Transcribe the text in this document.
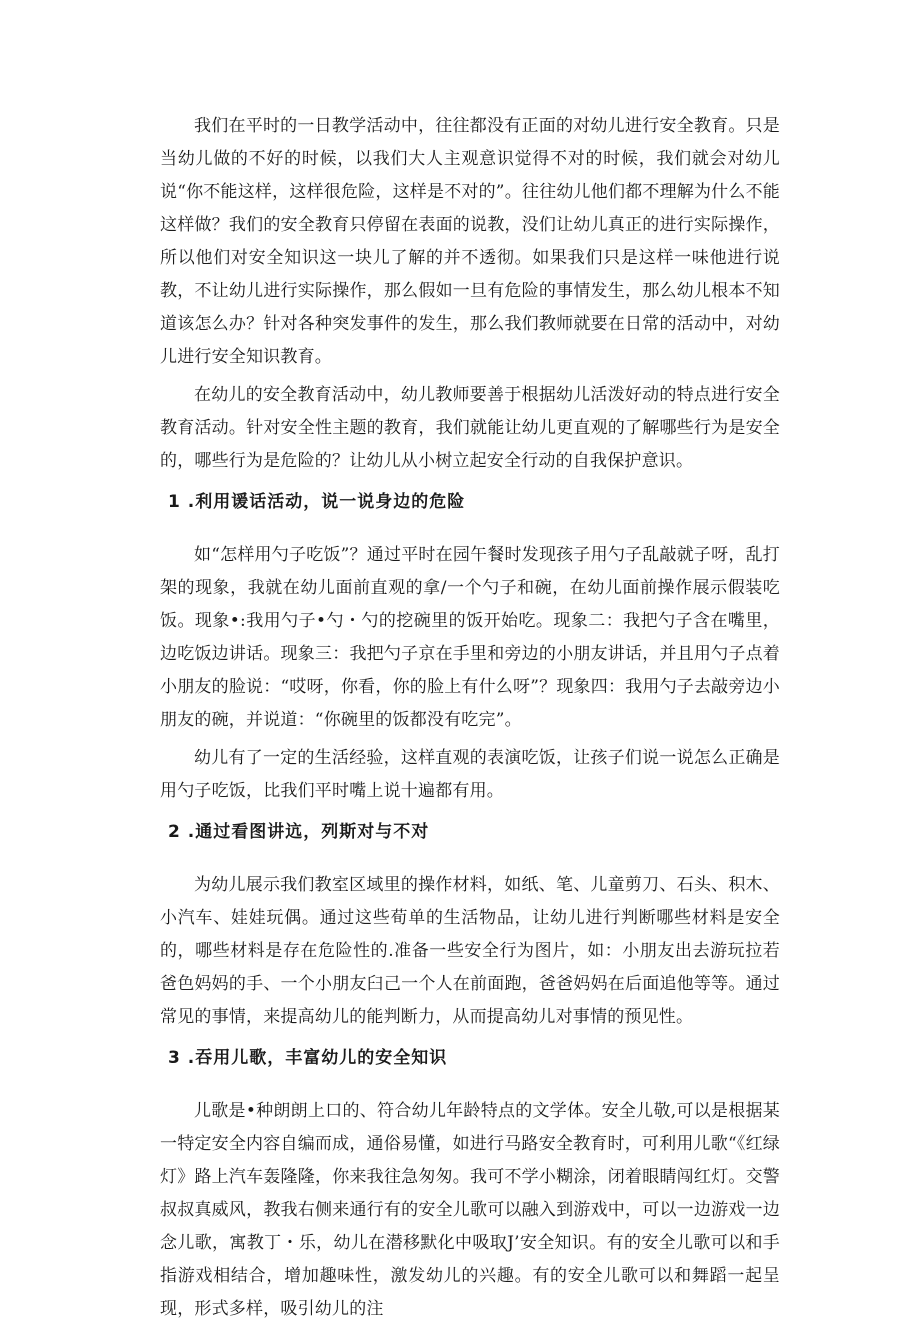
我们在平时的一日教学活动中，往往都没有正面的对幼儿进行安全教育。只是当幼儿做的不好的时候，以我们大人主观意识觉得不对的时候，我们就会对幼儿说“你不能这样，这样很危险，这样是不对的”。往往幼儿他们都不理解为什么不能这样做？我们的安全教育只停留在表面的说教，没们让幼儿真正的进行实际操作，所以他们对安全知识这一块儿了解的并不透彻。如果我们只是这样一味他进行说教，不让幼儿进行实际操作，那么假如一旦有危险的事情发生，那么幼儿根本不知道该怎么办？针对各种突发事件的发生，那么我们教师就要在日常的活动中，对幼儿进行安全知识教育。

在幼儿的安全教育活动中，幼儿教师要善于根据幼儿活泼好动的特点进行安全教育活动。针对安全性主题的教育，我们就能让幼儿更直观的了解哪些行为是安全的，哪些行为是危险的？让幼儿从小树立起安全行动的自我保护意识。

1 .利用谖话活动，说一说身边的危险

如“怎样用勺子吃饭”？通过平时在园午餐时发现孩子用勺子乱敲就子呀，乱打架的现象，我就在幼儿面前直观的拿/一个勺子和碗，在幼儿面前操作展示假装吃饭。现象•:我用勺子•勺・勺的挖碗里的饭开始吃。现象二：我把勺子含在嘴里，边吃饭边讲话。现象三：我把勺子京在手里和旁边的小朋友讲话，并且用勺子点着小朋友的脸说：“哎呀，你看，你的脸上有什么呀”？现象四：我用勺子去敲旁边小朋友的碗，并说道：“你碗里的饭都没有吃完”。

幼儿有了一定的生活经验，这样直观的表演吃饭，让孩子们说一说怎么正确是用勺子吃饭，比我们平时嘴上说十遍都有用。

2 .通过看图讲迒，列斯对与不对

为幼儿展示我们教室区域里的操作材料，如纸、笔、儿童剪刀、石头、积木、小汽车、娃娃玩偶。通过这些荀单的生活物品，让幼儿进行判断哪些材料是安全的，哪些材料是存在危险性的.准备一些安全行为图片，如：小朋友出去游玩拉若爸色妈妈的手、一个小朋友臼己一个人在前面跑，爸爸妈妈在后面追他等等。通过常见的事情，来提高幼儿的能判断力，从而提高幼儿对事情的预见性。

3 .吞用儿歌，丰富幼儿的安全知识

儿歌是•种朗朗上口的、符合幼儿年龄特点的文学体。安全儿敬,可以是根据某一特定安全内容自编而成，通俗易懂，如进行马路安全教育时，可利用儿歌“《红绿灯》路上汽车轰隆隆，你来我往急匆匆。我可不学小糊涂，闭着眼睛闯红灯。交警叔叔真威风，教我右侧来通行有的安全儿歌可以融入到游戏中，可以一边游戏一边念儿歌，寓教丁・乐，幼儿在潜移默化中吸取J’安全知识。有的安全儿歌可以和手指游戏相结合，增加趣味性，激发幼儿的兴趣。有的安全儿歌可以和舞蹈一起呈现，形式多样，吸引幼儿的注
